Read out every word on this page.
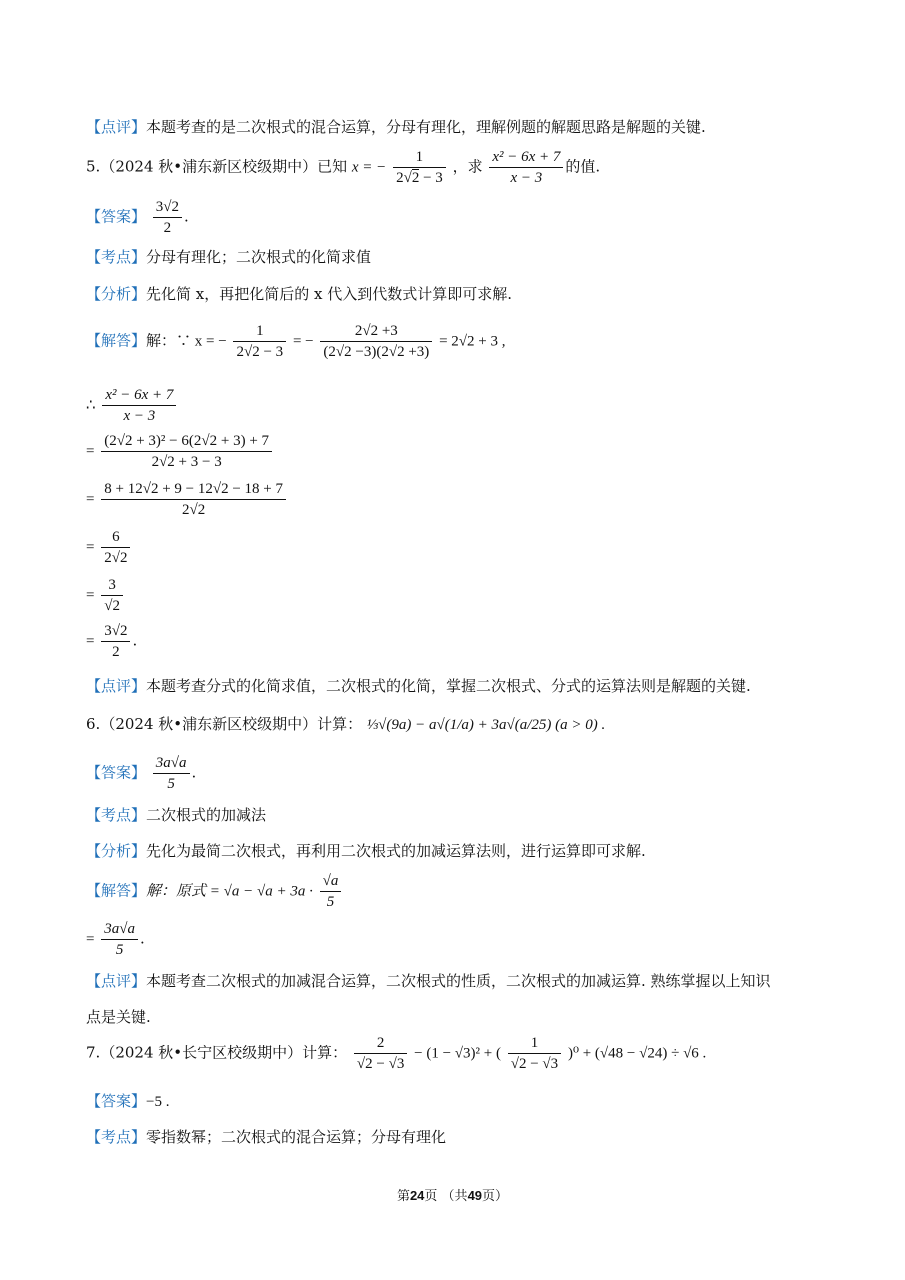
【点评】本题考查的是二次根式的混合运算，分母有理化，理解例题的解题思路是解题的关键.
5.（2024 秋•浦东新区校级期中）已知 x = − $\frac{1}{2√2 - 3}$ ，求 $\frac{\text{x² − 6x + 7}}{x - 3}$ 的值.
【答案】 $\frac{3√2}{2}$ .
【考点】分母有理化；二次根式的化简求值
【分析】先化简 x，再把化简后的 x 代入到代数式计算即可求解.
【解答】解：∵ x = − $\frac{1}{2√2 - 3}$ = − $\frac{2√2 +3}{(2√2 -3)(2√2 +3)} = 2√2 + 3$ ,
∴ $\frac{\text{x² − 6x + 7}}{x - 3}$
= $\frac{\text{(2√2 + 3)² − 6(2√2 + 3) + 7}}{2√2 + 3 - 3}$
= $\frac{8 + 12√2 + 9 - 12√2 - 18 + 7}{2√2}$
= $\frac{6}{2√2}$
= $\frac{3}{√2}$
= $\frac{3√2}{2}$ .
【点评】本题考查分式的化简求值，二次根式的化简，掌握二次根式、分式的运算法则是解题的关键.
6.（2024 秋•浦东新区校级期中）计算： ⅓√(9a) − a√(1/a) + 3a√(a/25) (a > 0) .
【答案】 $\frac{3a√a}{5}$ .
【考点】二次根式的加减法
【分析】先化为最简二次根式，再利用二次根式的加减运算法则，进行运算即可求解.
【解答】解：原式 = $√a - √a + 3a \cdot \frac{√a}{5}$
= $\frac{3a√a}{5}$ .
【点评】本题考查二次根式的加减混合运算，二次根式的性质，二次根式的加减运算. 熟练掌握以上知识
点是关键.
7.（2024 秋•长宁区校级期中）计算： $\frac{2}{√2 - √3} - (1 - √3)^2$ + ( $\frac{1}{√2 - √3} )^0 + (√48 - √24) \div √6$ .
【答案】−5 .
【考点】零指数幂；二次根式的混合运算；分母有理化
第24页 （共49页）
